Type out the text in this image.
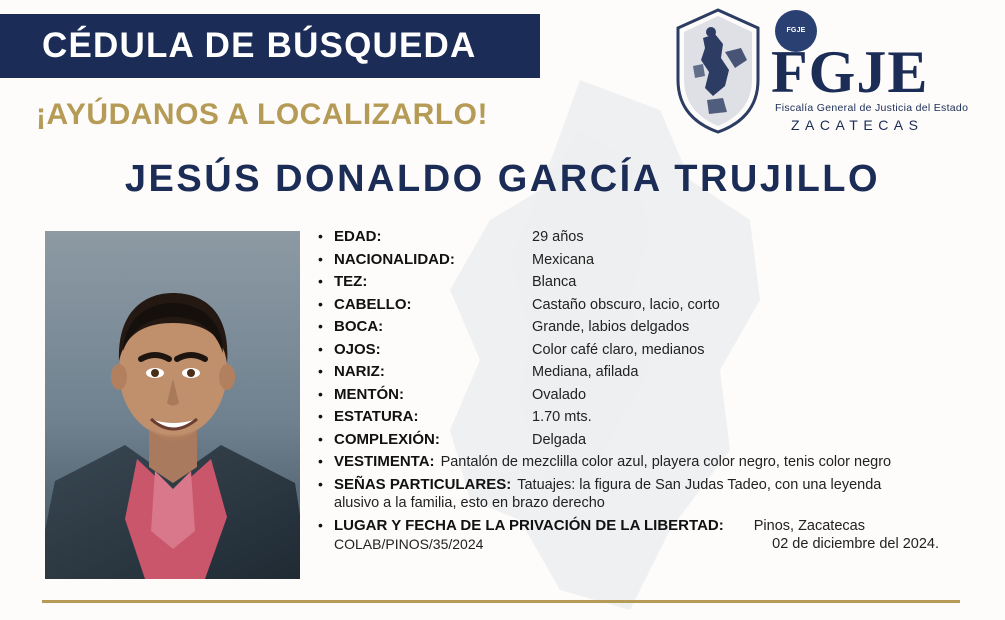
CÉDULA DE BÚSQUEDA	FGJE
FGJE
Fiscalía General de Justicia del Estado
ZACATECAS
¡AYÚDANOS A LOCALIZARLO!
JESÚS DONALDO GARCÍA TRUJILLO
• EDAD:	29 años
• NACIONALIDAD:	Mexicana
• TEZ:	Blanca
• CABELLO:	Castaño obscuro, lacio, corto
• BOCA:	Grande, labios delgados
• OJOS:	Color café claro, medianos
• NARIZ:	Mediana, afilada
• MENTÓN:	Ovalado
• ESTATURA:	1.70 mts.
• COMPLEXIÓN:	Delgada
• VESTIMENTA: Pantalón de mezclilla color azul, playera color negro, tenis color negro
• SEÑAS PARTICULARES: Tatuajes: la figura de San Judas Tadeo, con una leyenda
alusivo a la familia, esto en brazo derecho
• LUGAR Y FECHA DE LA PRIVACIÓN DE LA LIBERTAD: Pinos, Zacatecas
COLAB/PINOS/35/2024	02 de diciembre del 2024.
